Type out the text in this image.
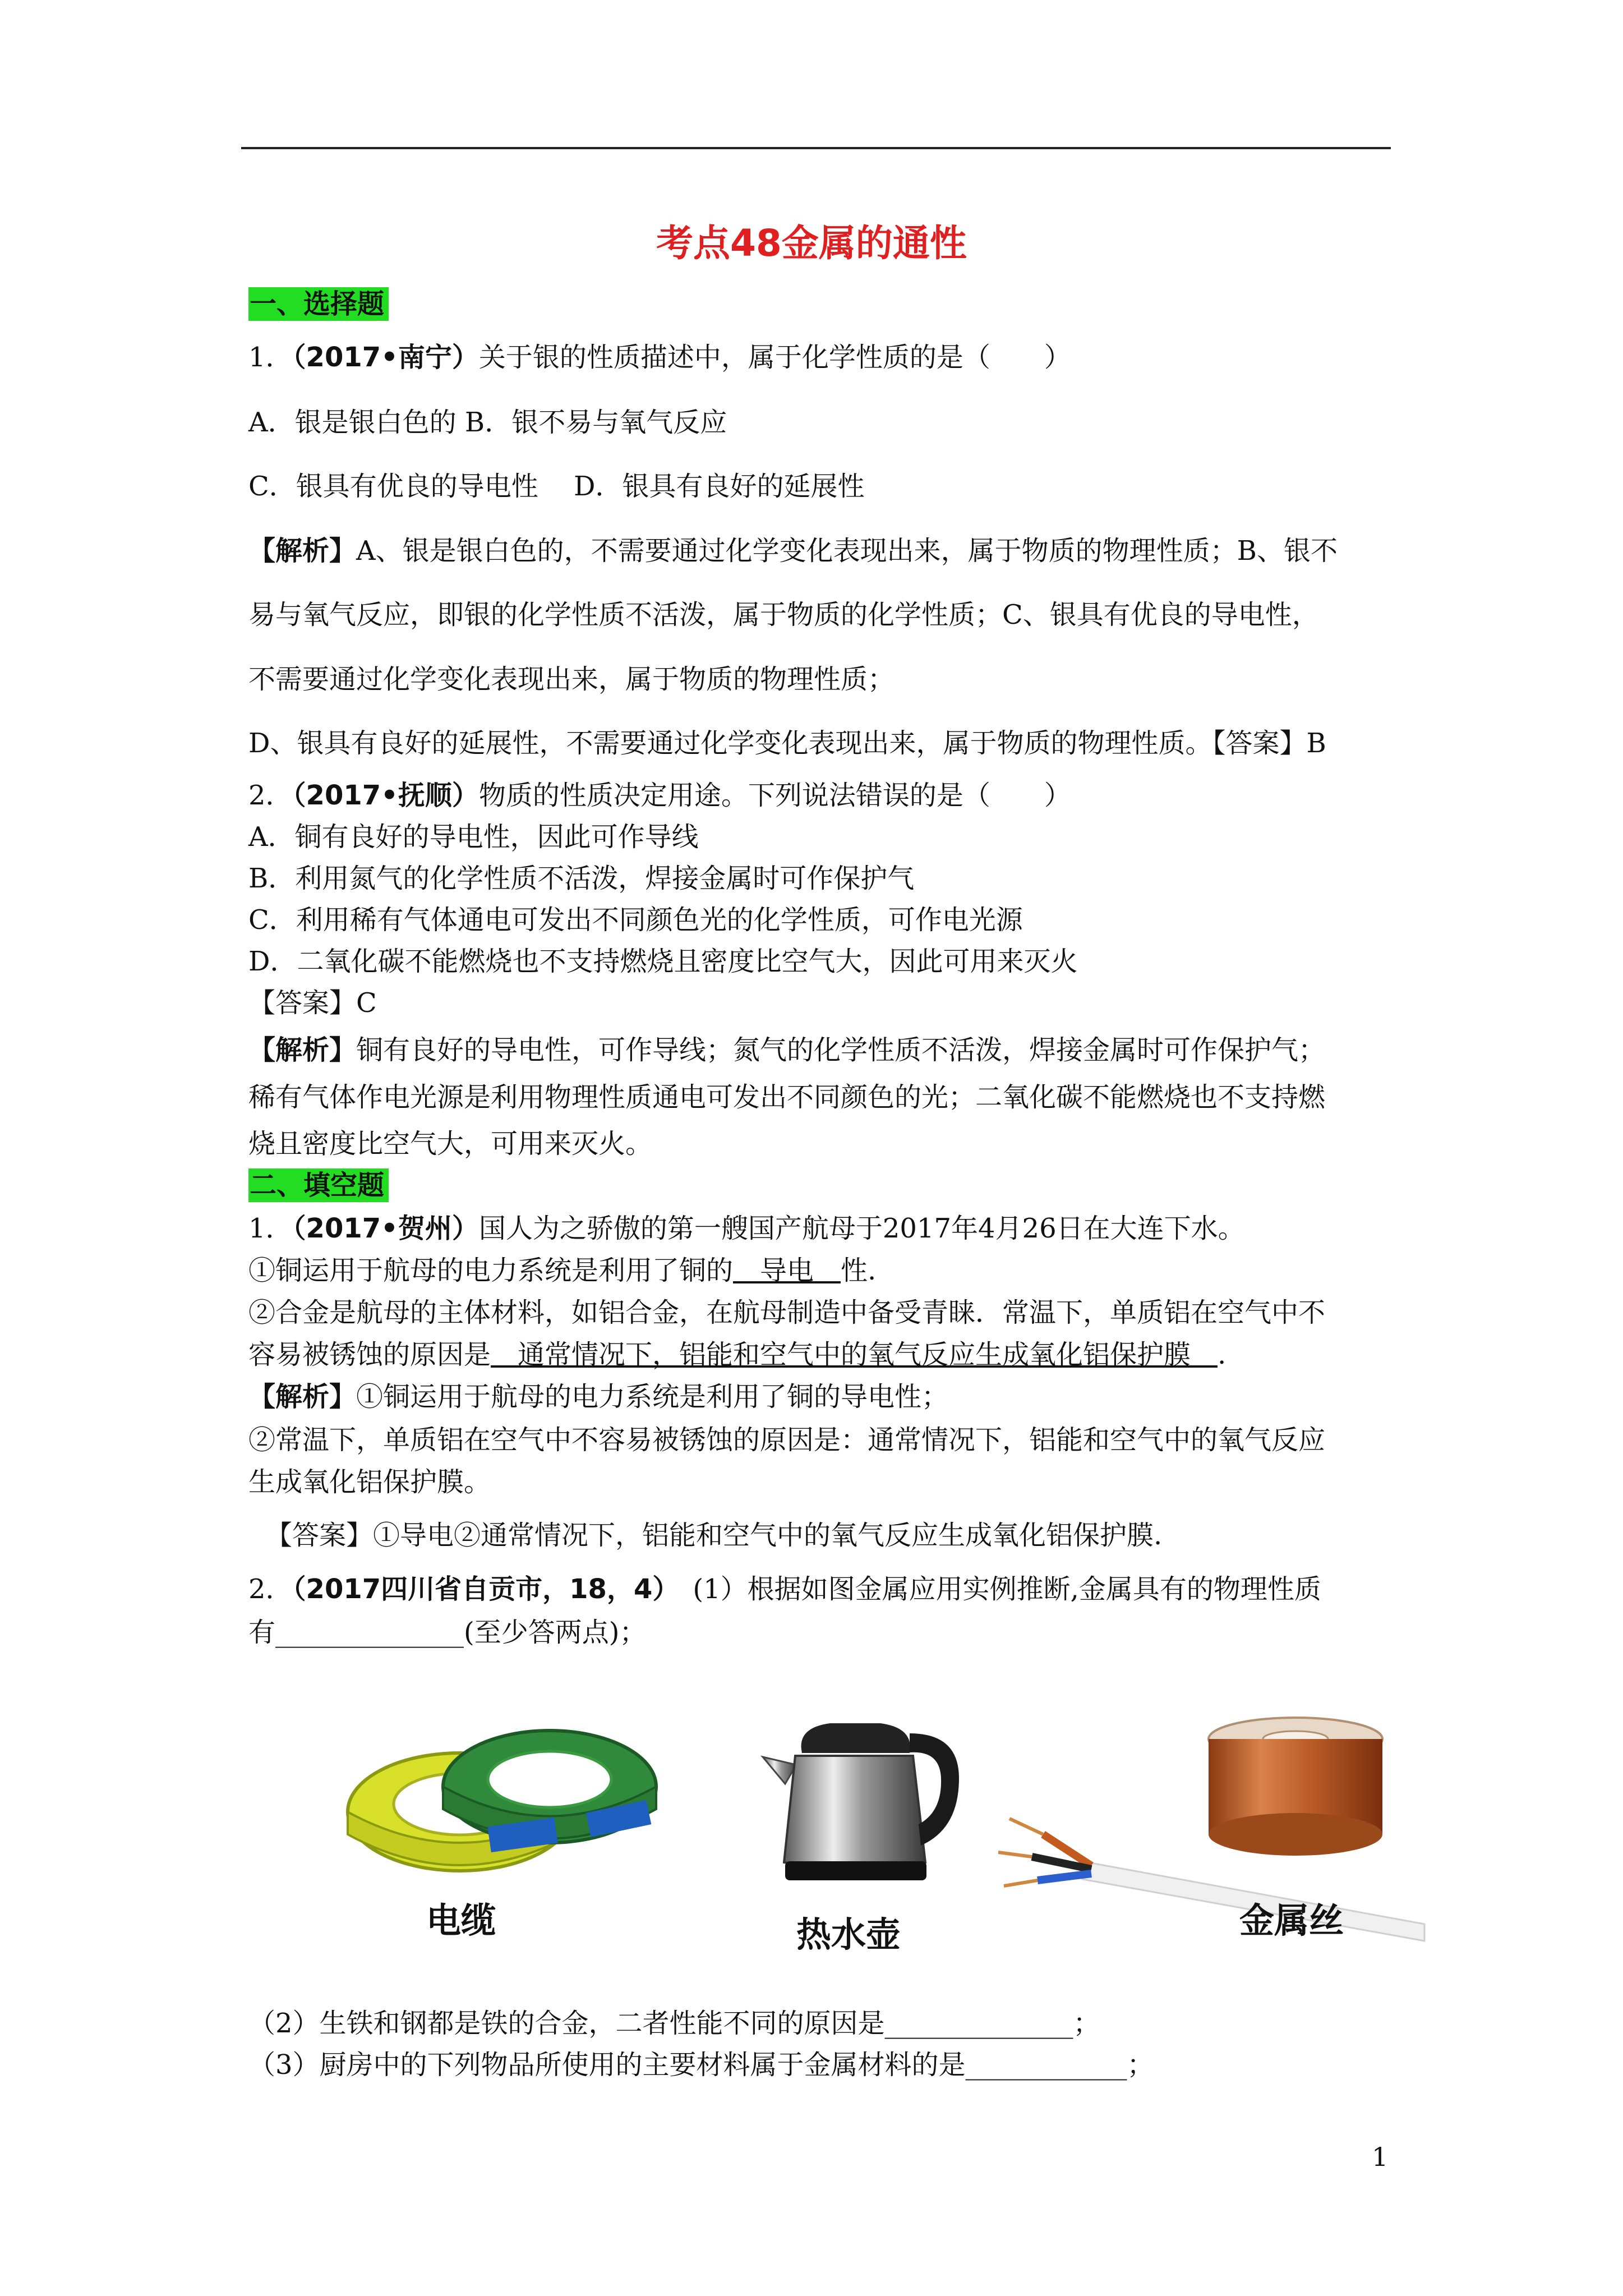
考点48金属的通性
一、选择题
1．（2017•南宁）关于银的性质描述中，属于化学性质的是（　　）
A．银是银白色的 B．银不易与氧气反应
C．银具有优良的导电性　 D．银具有良好的延展性
【解析】A、银是银白色的，不需要通过化学变化表现出来，属于物质的物理性质；B、银不
易与氧气反应，即银的化学性质不活泼，属于物质的化学性质；C、银具有优良的导电性，
不需要通过化学变化表现出来，属于物质的物理性质；
D、银具有良好的延展性，不需要通过化学变化表现出来，属于物质的物理性质。【答案】B
2．（2017•抚顺）物质的性质决定用途。下列说法错误的是（　　）
A．铜有良好的导电性，因此可作导线
B．利用氮气的化学性质不活泼，焊接金属时可作保护气
C．利用稀有气体通电可发出不同颜色光的化学性质，可作电光源
D．二氧化碳不能燃烧也不支持燃烧且密度比空气大，因此可用来灭火
【答案】C
【解析】铜有良好的导电性，可作导线；氮气的化学性质不活泼，焊接金属时可作保护气；
稀有气体作电光源是利用物理性质通电可发出不同颜色的光；二氧化碳不能燃烧也不支持燃
烧且密度比空气大，可用来灭火。
二、填空题
1．（2017•贺州）国人为之骄傲的第一艘国产航母于2017年4月26日在大连下水。
①铜运用于航母的电力系统是利用了铜的　导电　性.
②合金是航母的主体材料，如铝合金，在航母制造中备受青睐．常温下，单质铝在空气中不
容易被锈蚀的原因是　通常情况下，铝能和空气中的氧气反应生成氧化铝保护膜　.
【解析】①铜运用于航母的电力系统是利用了铜的导电性；
②常温下，单质铝在空气中不容易被锈蚀的原因是：通常情况下，铝能和空气中的氧气反应
生成氧化铝保护膜。
【答案】①导电②通常情况下，铝能和空气中的氧气反应生成氧化铝保护膜.
2．（2017四川省自贡市，18，4）　(1）根据如图金属应用实例推断,金属具有的物理性质
有______________(至少答两点)；
电缆	热水壶	金属丝
（2）生铁和钢都是铁的合金，二者性能不同的原因是______________；
（3）厨房中的下列物品所使用的主要材料属于金属材料的是____________；
1
